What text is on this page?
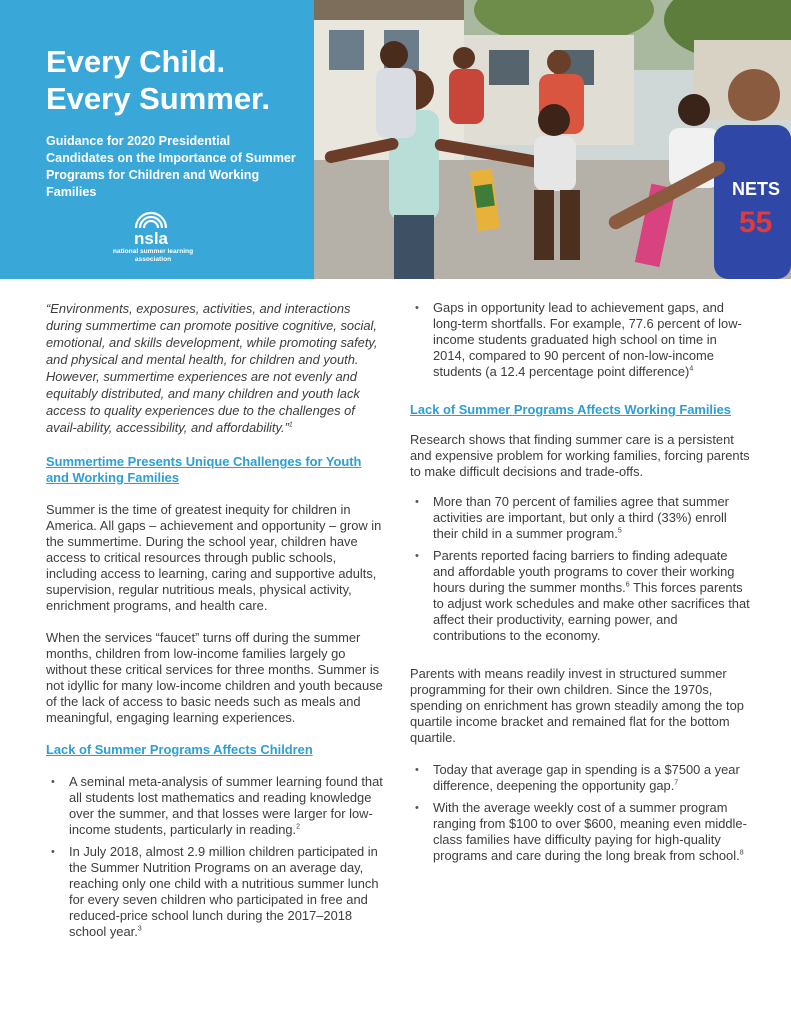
Every Child.
Every Summer.
Guidance for 2020 Presidential Candidates on the Importance of Summer Programs for Children and Working Families
nsla
national summer learning association
NETS
55

“Environments, exposures, activities, and interactions during summertime can promote positive cognitive, social, emotional, and skills development, while promoting safety, and physical and mental health, for children and youth. However, summertime experiences are not evenly and equitably distributed, and many children and youth lack access to quality experiences due to the challenges of avail-ability, accessibility, and affordability.”$^1$

Summertime Presents Unique Challenges for Youth and Working Families

Summer is the time of greatest inequity for children in America. All gaps – achievement and opportunity – grow in the summertime. During the school year, children have access to critical resources through public schools, including access to learning, caring and supportive adults, supervision, regular nutritious meals, physical activity, enrichment programs, and health care.

When the services “faucet” turns off during the summer months, children from low-income families largely go without these critical services for three months. Summer is not idyllic for many low-income children and youth because of the lack of access to basic needs such as meals and meaningful, engaging learning experiences.

Lack of Summer Programs Affects Children
• A seminal meta-analysis of summer learning found that all students lost mathematics and reading knowledge over the summer, and that losses were larger for low-income students, particularly in reading.$^2$
• In July 2018, almost 2.9 million children participated in the Summer Nutrition Programs on an average day, reaching only one child with a nutritious summer lunch for every seven children who participated in free and reduced-price school lunch during the 2017–2018 school year.$^3$
• Gaps in opportunity lead to achievement gaps, and long-term shortfalls. For example, 77.6 percent of low-income students graduated high school on time in 2014, compared to 90 percent of non-low-income students (a 12.4 percentage point difference)$^4$
Lack of Summer Programs Affects Working Families

Research shows that finding summer care is a persistent and expensive problem for working families, forcing parents to make difficult decisions and trade-offs.

• More than 70 percent of families agree that summer activities are important, but only a third (33%) enroll their child in a summer program.$^5$
• Parents reported facing barriers to finding adequate and affordable youth programs to cover their working hours during the summer months.$^6$ This forces parents to adjust work schedules and make other sacrifices that affect their productivity, earning power, and contributions to the economy.

Parents with means readily invest in structured summer programming for their own children. Since the 1970s, spending on enrichment has grown steadily among the top quartile income bracket and remained flat for the bottom quartile.

• Today that average gap in spending is a $7500 a year difference, deepening the opportunity gap.$^7$
• With the average weekly cost of a summer program ranging from $100 to over $600, meaning even middle-class families have difficulty paying for high-quality programs and care during the long break from school.$^8$
